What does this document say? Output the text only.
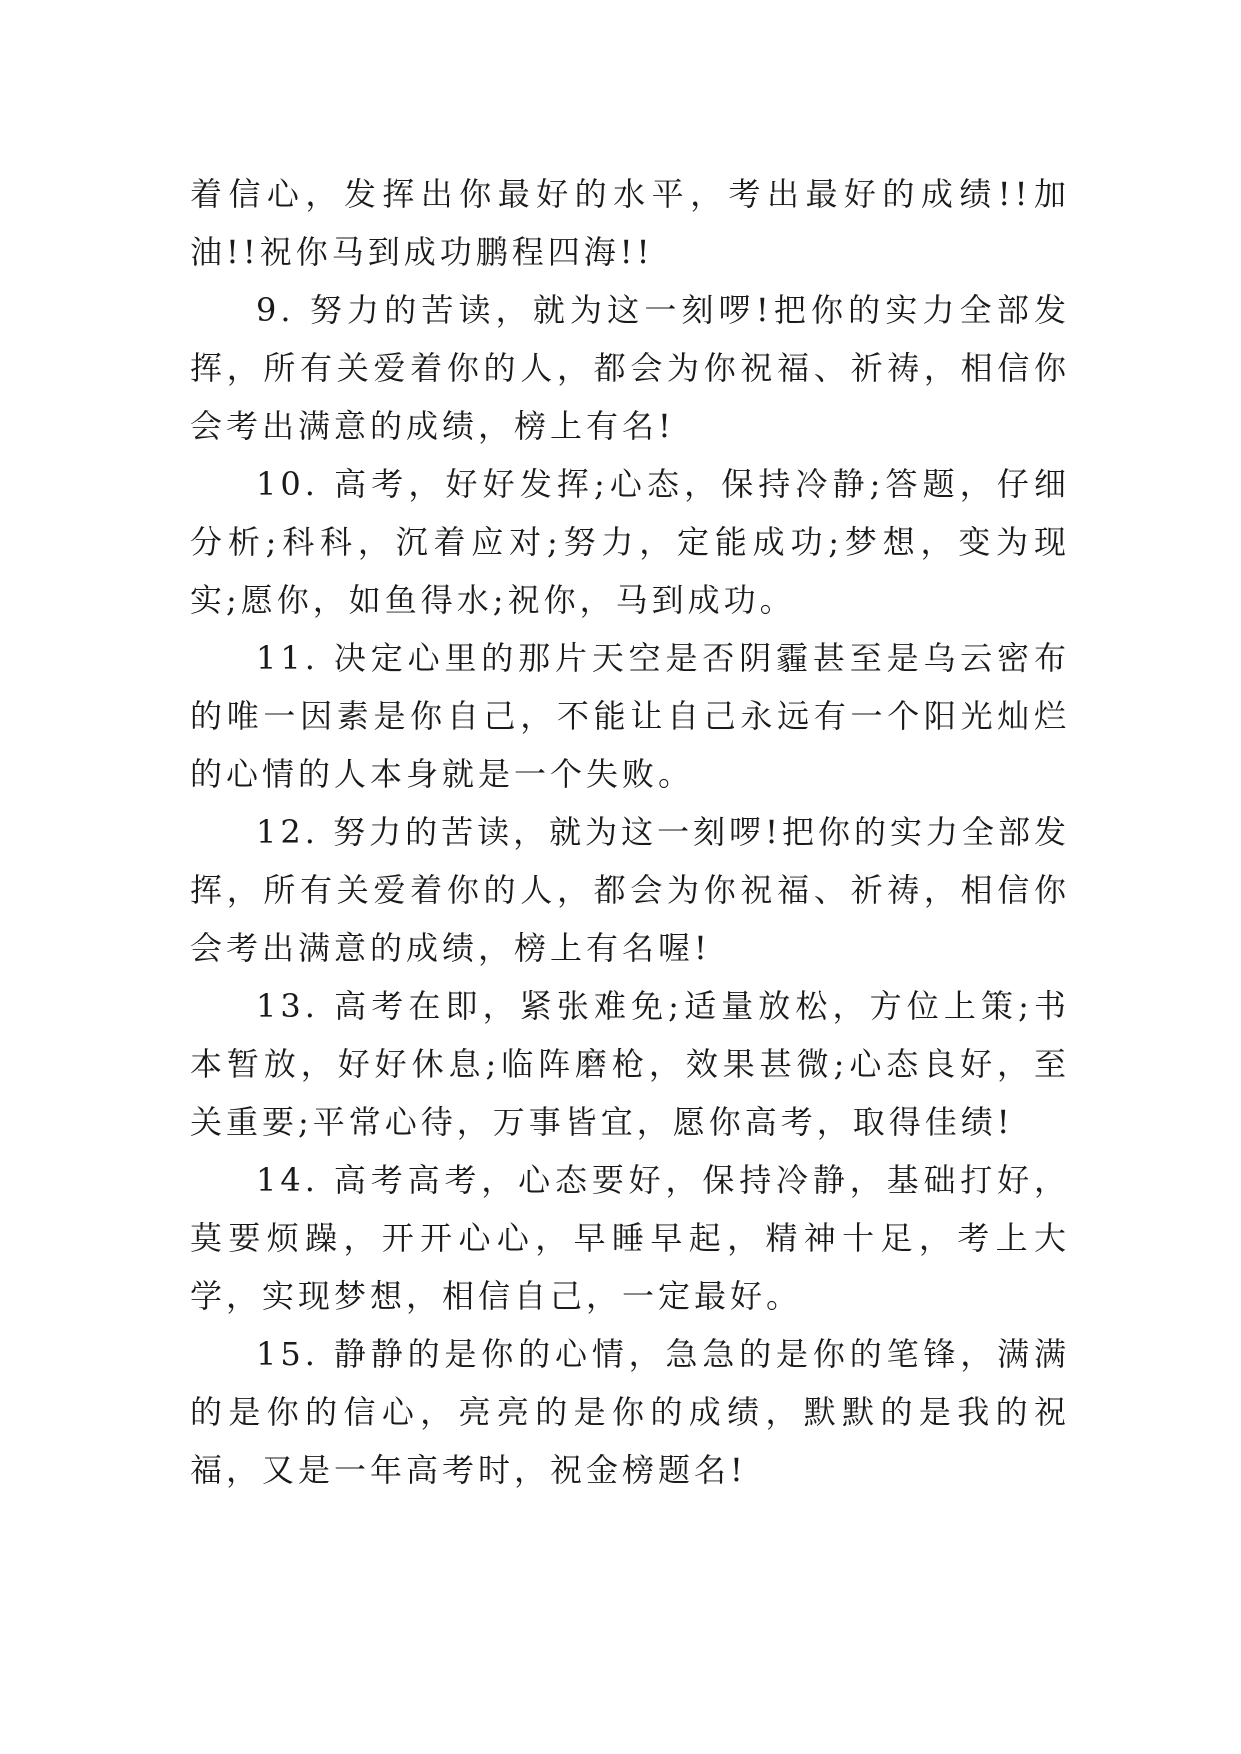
着信心，发挥出你最好的水平，考出最好的成绩!!加油!!祝你马到成功鹏程四海!!

9. 努力的苦读，就为这一刻啰!把你的实力全部发挥，所有关爱着你的人，都会为你祝福、祈祷，相信你会考出满意的成绩，榜上有名!

10. 高考，好好发挥;心态，保持冷静;答题，仔细分析;科科，沉着应对;努力，定能成功;梦想，变为现实;愿你，如鱼得水;祝你，马到成功。

11. 决定心里的那片天空是否阴霾甚至是乌云密布的唯一因素是你自己，不能让自己永远有一个阳光灿烂的心情的人本身就是一个失败。

12. 努力的苦读，就为这一刻啰!把你的实力全部发挥，所有关爱着你的人，都会为你祝福、祈祷，相信你会考出满意的成绩，榜上有名喔!

13. 高考在即，紧张难免;适量放松，方位上策;书本暂放，好好休息;临阵磨枪，效果甚微;心态良好，至关重要;平常心待，万事皆宜，愿你高考，取得佳绩!

14. 高考高考，心态要好，保持冷静，基础打好，莫要烦躁，开开心心，早睡早起，精神十足，考上大学，实现梦想，相信自己，一定最好。

15. 静静的是你的心情，急急的是你的笔锋，满满的是你的信心，亮亮的是你的成绩，默默的是我的祝福，又是一年高考时，祝金榜题名!
